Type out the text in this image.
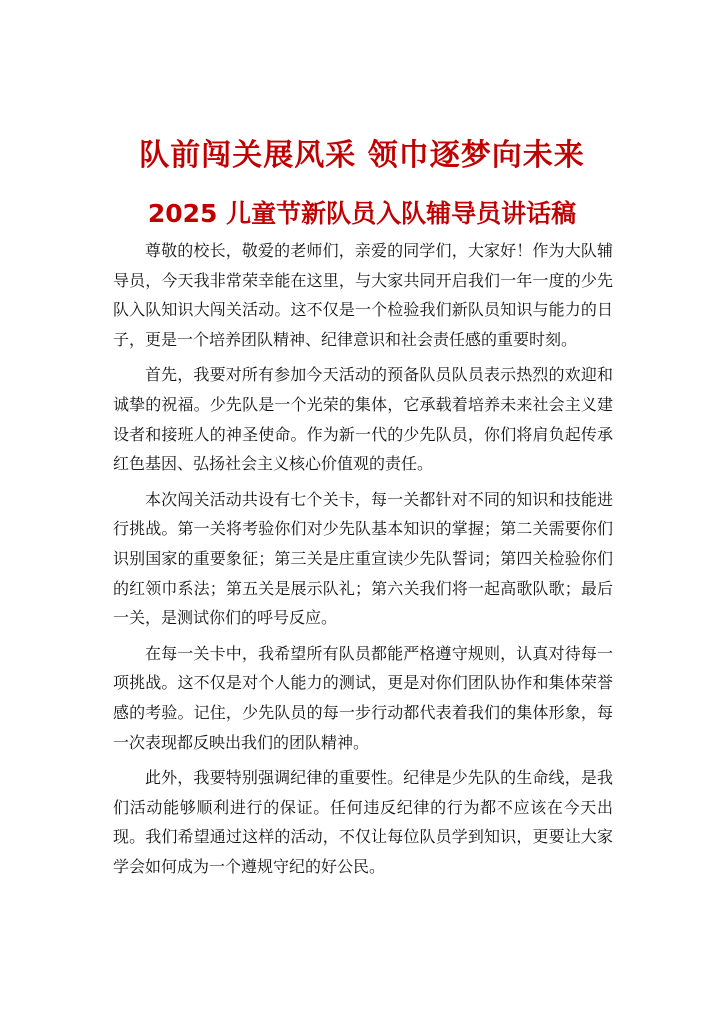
队前闯关展风采 领巾逐梦向未来
2025 儿童节新队员入队辅导员讲话稿

尊敬的校长，敬爱的老师们，亲爱的同学们，大家好！作为大队辅导员，今天我非常荣幸能在这里，与大家共同开启我们一年一度的少先队入队知识大闯关活动。这不仅是一个检验我们新队员知识与能力的日子，更是一个培养团队精神、纪律意识和社会责任感的重要时刻。

首先，我要对所有参加今天活动的预备队员队员表示热烈的欢迎和诚挚的祝福。少先队是一个光荣的集体，它承载着培养未来社会主义建设者和接班人的神圣使命。作为新一代的少先队员，你们将肩负起传承红色基因、弘扬社会主义核心价值观的责任。

本次闯关活动共设有七个关卡，每一关都针对不同的知识和技能进行挑战。第一关将考验你们对少先队基本知识的掌握；第二关需要你们识别国家的重要象征；第三关是庄重宣读少先队誓词；第四关检验你们的红领巾系法；第五关是展示队礼；第六关我们将一起高歌队歌；最后一关，是测试你们的呼号反应。

在每一关卡中，我希望所有队员都能严格遵守规则，认真对待每一项挑战。这不仅是对个人能力的测试，更是对你们团队协作和集体荣誉感的考验。记住，少先队员的每一步行动都代表着我们的集体形象，每一次表现都反映出我们的团队精神。

此外，我要特别强调纪律的重要性。纪律是少先队的生命线，是我们活动能够顺利进行的保证。任何违反纪律的行为都不应该在今天出现。我们希望通过这样的活动，不仅让每位队员学到知识，更要让大家学会如何成为一个遵规守纪的好公民。
